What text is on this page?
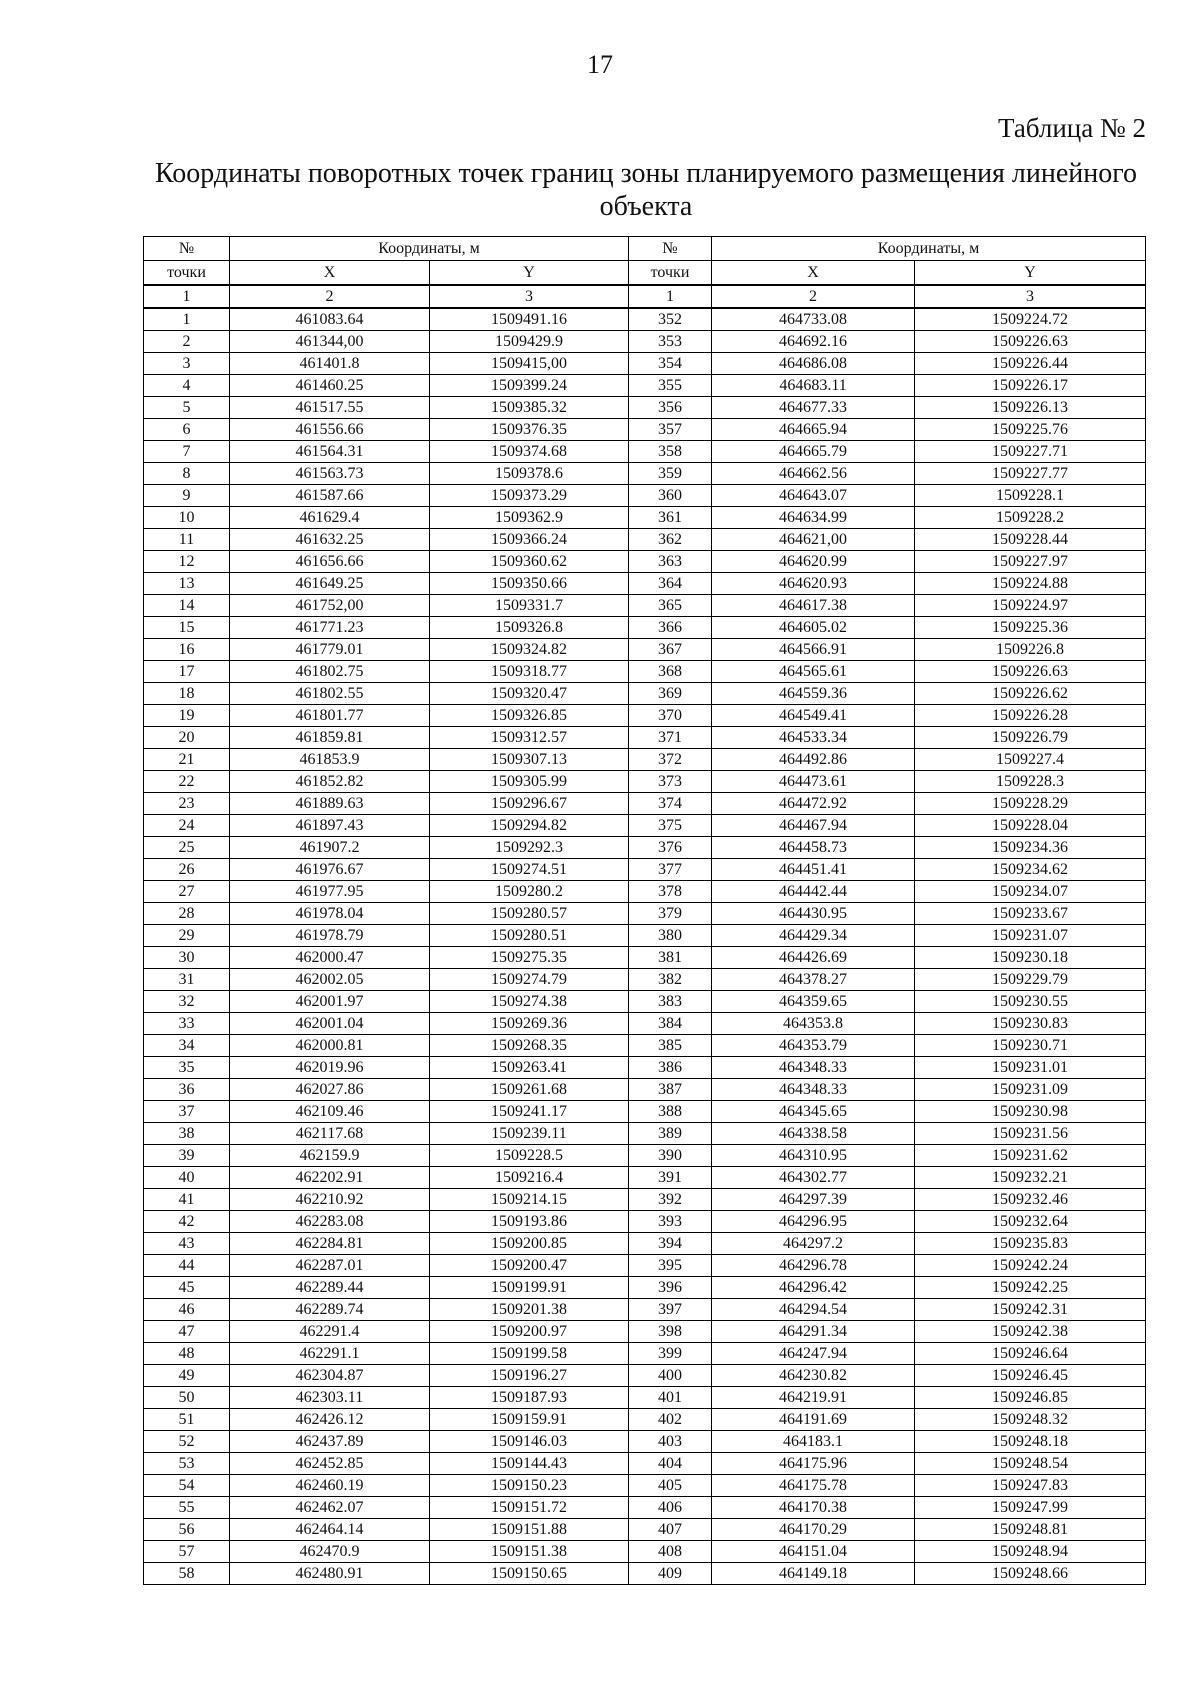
17
Таблица № 2
Координаты поворотных точек границ зоны планируемого размещения линейного объекта
№	Координаты, м		№	Координаты, м	
точки	X	Y	точки	X	Y
1	2	3	1	2	3
1	461083.64	1509491.16	352	464733.08	1509224.72
2	461344,00	1509429.9	353	464692.16	1509226.63
3	461401.8	1509415,00	354	464686.08	1509226.44
4	461460.25	1509399.24	355	464683.11	1509226.17
5	461517.55	1509385.32	356	464677.33	1509226.13
6	461556.66	1509376.35	357	464665.94	1509225.76
7	461564.31	1509374.68	358	464665.79	1509227.71
8	461563.73	1509378.6	359	464662.56	1509227.77
9	461587.66	1509373.29	360	464643.07	1509228.1
10	461629.4	1509362.9	361	464634.99	1509228.2
11	461632.25	1509366.24	362	464621,00	1509228.44
12	461656.66	1509360.62	363	464620.99	1509227.97
13	461649.25	1509350.66	364	464620.93	1509224.88
14	461752,00	1509331.7	365	464617.38	1509224.97
15	461771.23	1509326.8	366	464605.02	1509225.36
16	461779.01	1509324.82	367	464566.91	1509226.8
17	461802.75	1509318.77	368	464565.61	1509226.63
18	461802.55	1509320.47	369	464559.36	1509226.62
19	461801.77	1509326.85	370	464549.41	1509226.28
20	461859.81	1509312.57	371	464533.34	1509226.79
21	461853.9	1509307.13	372	464492.86	1509227.4
22	461852.82	1509305.99	373	464473.61	1509228.3
23	461889.63	1509296.67	374	464472.92	1509228.29
24	461897.43	1509294.82	375	464467.94	1509228.04
25	461907.2	1509292.3	376	464458.73	1509234.36
26	461976.67	1509274.51	377	464451.41	1509234.62
27	461977.95	1509280.2	378	464442.44	1509234.07
28	461978.04	1509280.57	379	464430.95	1509233.67
29	461978.79	1509280.51	380	464429.34	1509231.07
30	462000.47	1509275.35	381	464426.69	1509230.18
31	462002.05	1509274.79	382	464378.27	1509229.79
32	462001.97	1509274.38	383	464359.65	1509230.55
33	462001.04	1509269.36	384	464353.8	1509230.83
34	462000.81	1509268.35	385	464353.79	1509230.71
35	462019.96	1509263.41	386	464348.33	1509231.01
36	462027.86	1509261.68	387	464348.33	1509231.09
37	462109.46	1509241.17	388	464345.65	1509230.98
38	462117.68	1509239.11	389	464338.58	1509231.56
39	462159.9	1509228.5	390	464310.95	1509231.62
40	462202.91	1509216.4	391	464302.77	1509232.21
41	462210.92	1509214.15	392	464297.39	1509232.46
42	462283.08	1509193.86	393	464296.95	1509232.64
43	462284.81	1509200.85	394	464297.2	1509235.83
44	462287.01	1509200.47	395	464296.78	1509242.24
45	462289.44	1509199.91	396	464296.42	1509242.25
46	462289.74	1509201.38	397	464294.54	1509242.31
47	462291.4	1509200.97	398	464291.34	1509242.38
48	462291.1	1509199.58	399	464247.94	1509246.64
49	462304.87	1509196.27	400	464230.82	1509246.45
50	462303.11	1509187.93	401	464219.91	1509246.85
51	462426.12	1509159.91	402	464191.69	1509248.32
52	462437.89	1509146.03	403	464183.1	1509248.18
53	462452.85	1509144.43	404	464175.96	1509248.54
54	462460.19	1509150.23	405	464175.78	1509247.83
55	462462.07	1509151.72	406	464170.38	1509247.99
56	462464.14	1509151.88	407	464170.29	1509248.81
57	462470.9	1509151.38	408	464151.04	1509248.94
58	462480.91	1509150.65	409	464149.18	1509248.66
